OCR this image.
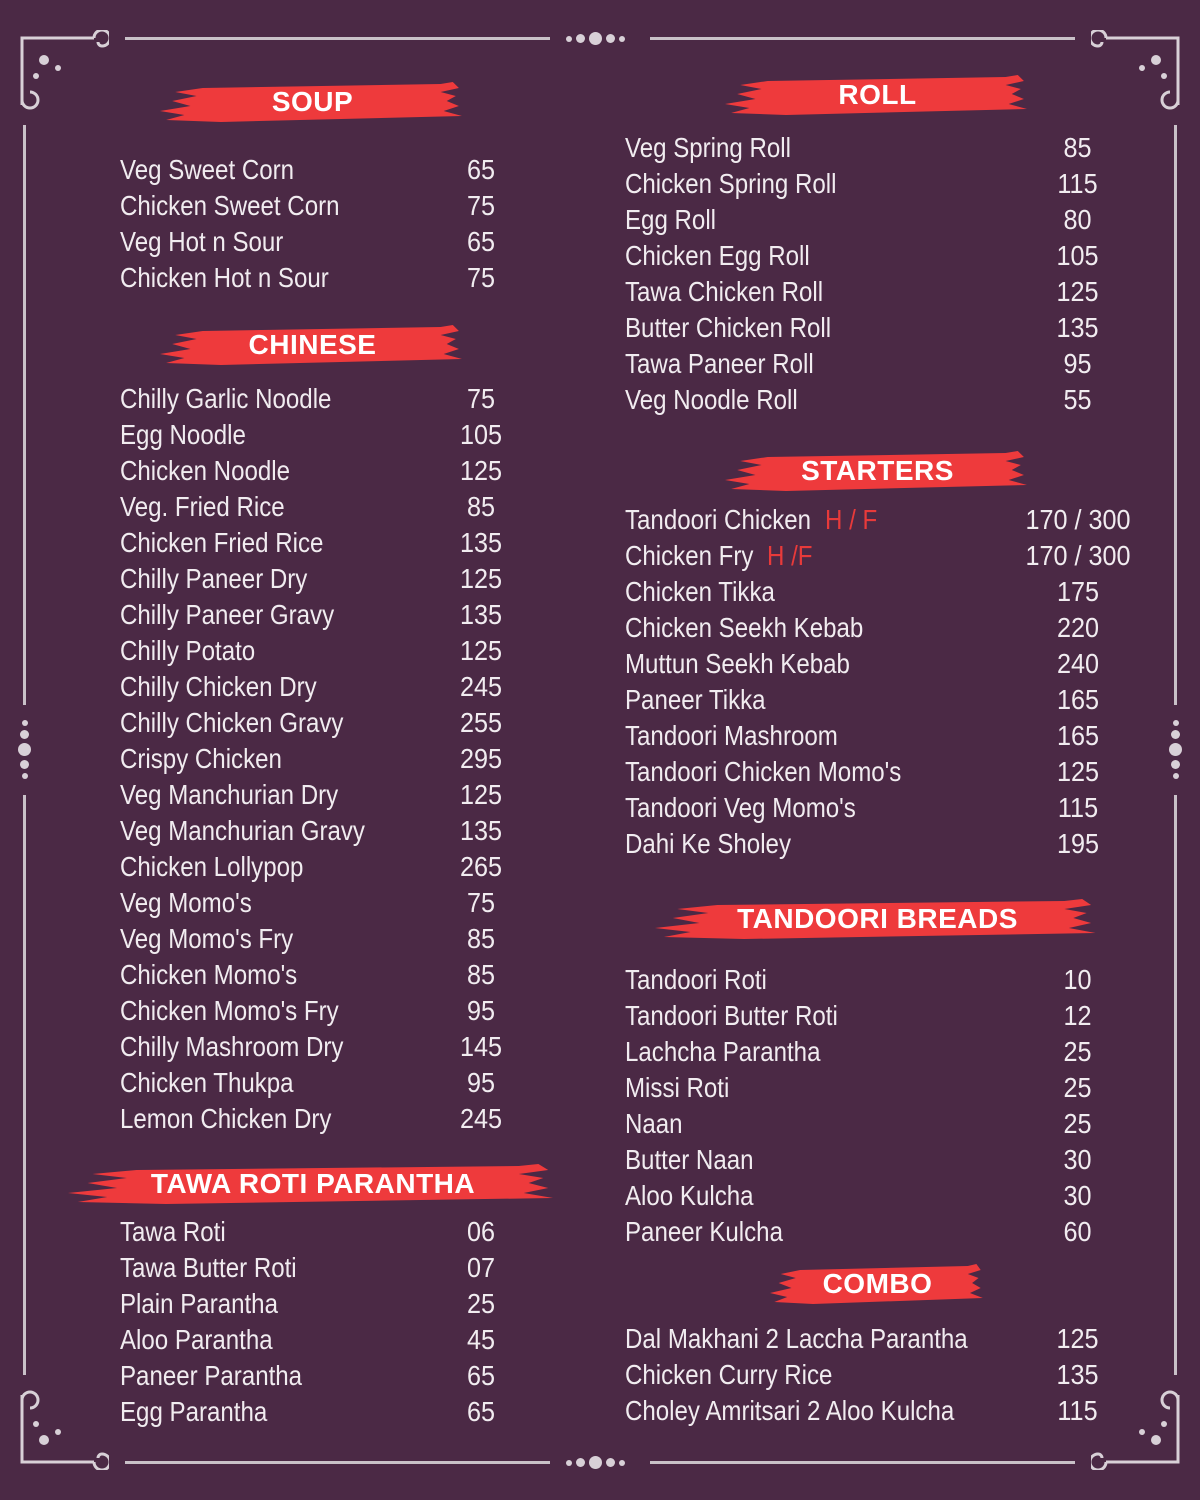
SOUP
Veg Sweet Corn	65
Chicken Sweet Corn	75
Veg Hot n Sour	65
Chicken Hot n Sour	75
CHINESE
Chilly Garlic Noodle	75
Egg Noodle	105
Chicken Noodle	125
Veg. Fried Rice	85
Chicken Fried Rice	135
Chilly Paneer Dry	125
Chilly Paneer Gravy	135
Chilly Potato	125
Chilly Chicken Dry	245
Chilly Chicken Gravy	255
Crispy Chicken	295
Veg Manchurian Dry	125
Veg Manchurian Gravy	135
Chicken Lollypop	265
Veg Momo's	75
Veg Momo's Fry	85
Chicken Momo's	85
Chicken Momo's Fry	95
Chilly Mashroom Dry	145
Chicken Thukpa	95
Lemon Chicken Dry	245
TAWA ROTI PARANTHA
Tawa Roti	06
Tawa Butter Roti	07
Plain Parantha	25
Aloo Parantha	45
Paneer Parantha	65
Egg Parantha	65
ROLL
Veg Spring Roll	85
Chicken Spring Roll	115
Egg Roll	80
Chicken Egg Roll	105
Tawa Chicken Roll	125
Butter Chicken Roll	135
Tawa Paneer Roll	95
Veg Noodle Roll	55
STARTERS
Tandoori Chicken H / F	170 / 300
Chicken Fry H /F	170 / 300
Chicken Tikka	175
Chicken Seekh Kebab	220
Muttun Seekh Kebab	240
Paneer Tikka	165
Tandoori Mashroom	165
Tandoori Chicken Momo's	125
Tandoori Veg Momo's	115
Dahi Ke Sholey	195
TANDOORI BREADS
Tandoori Roti	10
Tandoori Butter Roti	12
Lachcha Parantha	25
Missi Roti	25
Naan	25
Butter Naan	30
Aloo Kulcha	30
Paneer Kulcha	60
COMBO
Dal Makhani 2 Laccha Parantha	125
Chicken Curry Rice	135
Choley Amritsari 2 Aloo Kulcha	115
